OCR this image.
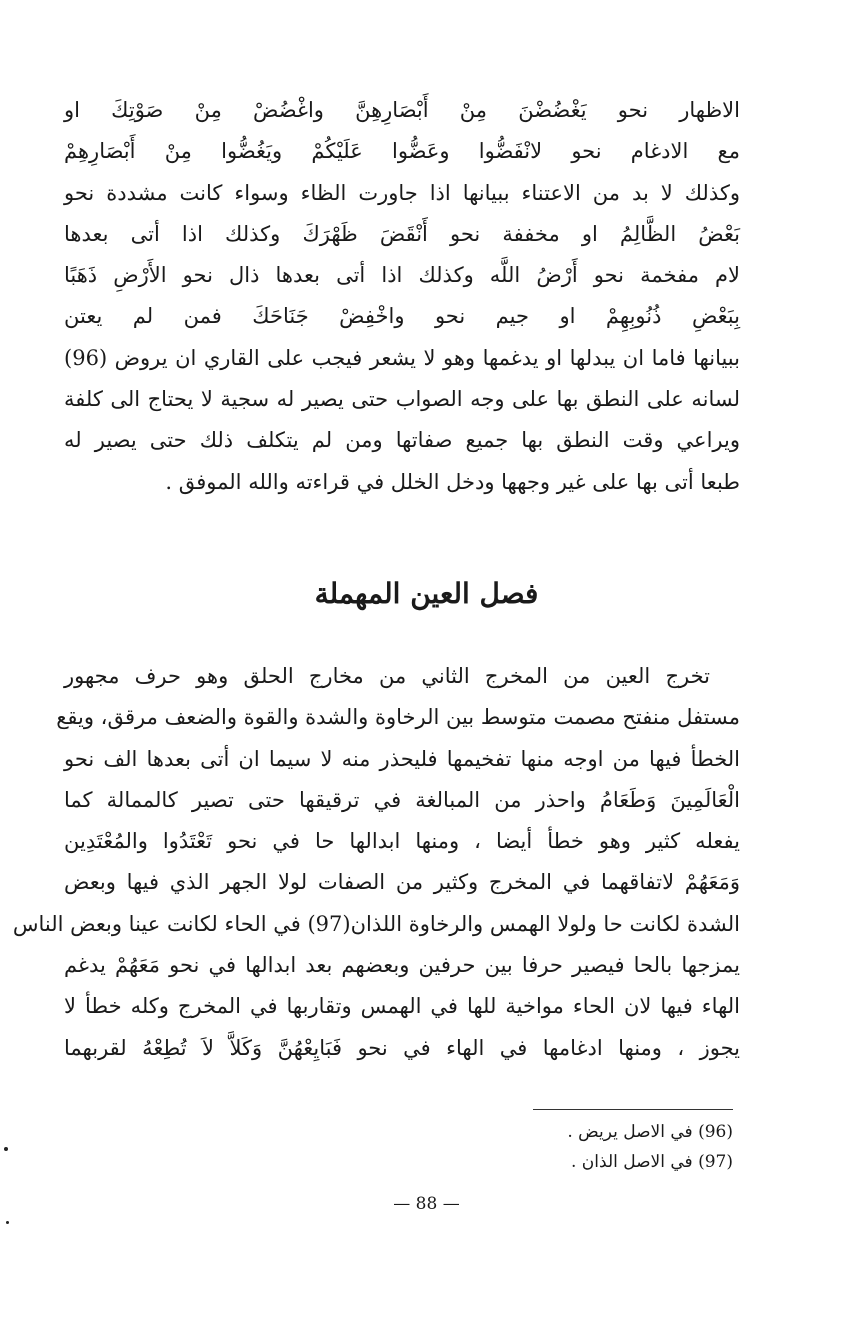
الاظهار نحو يَغْضُضْنَ مِنْ أَبْصَارِهِنَّ واغْضُضْ مِنْ صَوْتِكَ او
مع الادغام نحو لانْفَضُّوا وعَضُّوا عَلَيْكُمْ ويَغُضُّوا مِنْ أَبْصَارِهِمْ
وكذلك لا بد من الاعتناء ببيانها اذا جاورت الظاء وسواء كانت مشددة نحو
بَعْضُ الظَّالِمُ او مخففة نحو أَنْقَضَ ظَهْرَكَ وكذلك اذا أتى بعدها
لام مفخمة نحو أَرْضُ اللَّه وكذلك اذا أتى بعدها ذال نحو الأَرْضِ ذَهَبًا
بِبَعْضِ ذُنُوبِهِمْ او جيم نحو واخْفِضْ جَنَاحَكَ فمن لم يعتن
ببيانها فاما ان يبدلها او يدغمها وهو لا يشعر فيجب على القاري ان يروض (96)
لسانه على النطق بها على وجه الصواب حتى يصير له سجية لا يحتاج الى كلفة
ويراعي وقت النطق بها جميع صفاتها ومن لم يتكلف ذلك حتى يصير له
طبعا أتى بها على غير وجهها ودخل الخلل في قراءته والله الموفق .
فصل العين المهملة
تخرج العين من المخرج الثاني من مخارج الحلق وهو حرف مجهور
مستفل منفتح مصمت متوسط بين الرخاوة والشدة والقوة والضعف مرقق، ويقع
الخطأ فيها من اوجه منها تفخيمها فليحذر منه لا سيما ان أتى بعدها الف نحو
الْعَالَمِينَ وَطَعَامُ واحذر من المبالغة في ترقيقها حتى تصير كالممالة كما
يفعله كثير وهو خطأ أيضا ، ومنها ابدالها حا في نحو تَعْتَدُوا والمُعْتَدِين
وَمَعَهُمْ لاتفاقهما في المخرج وكثير من الصفات لولا الجهر الذي فيها وبعض
الشدة لكانت حا ولولا الهمس والرخاوة اللذان(97) في الحاء لكانت عينا وبعض الناس
يمزجها بالحا فيصير حرفا بين حرفين وبعضهم بعد ابدالها في نحو مَعَهُمْ يدغم
الهاء فيها لان الحاء مواخية للها في الهمس وتقاربها في المخرج وكله خطأ لا
يجوز ، ومنها ادغامها في الهاء في نحو فَبَايِعْهُنَّ وَكَلاَّ لاَ تُطِعْهُ لقربهما
(96) في الاصل يريض .
(97) في الاصل الذان .
— 88 —
